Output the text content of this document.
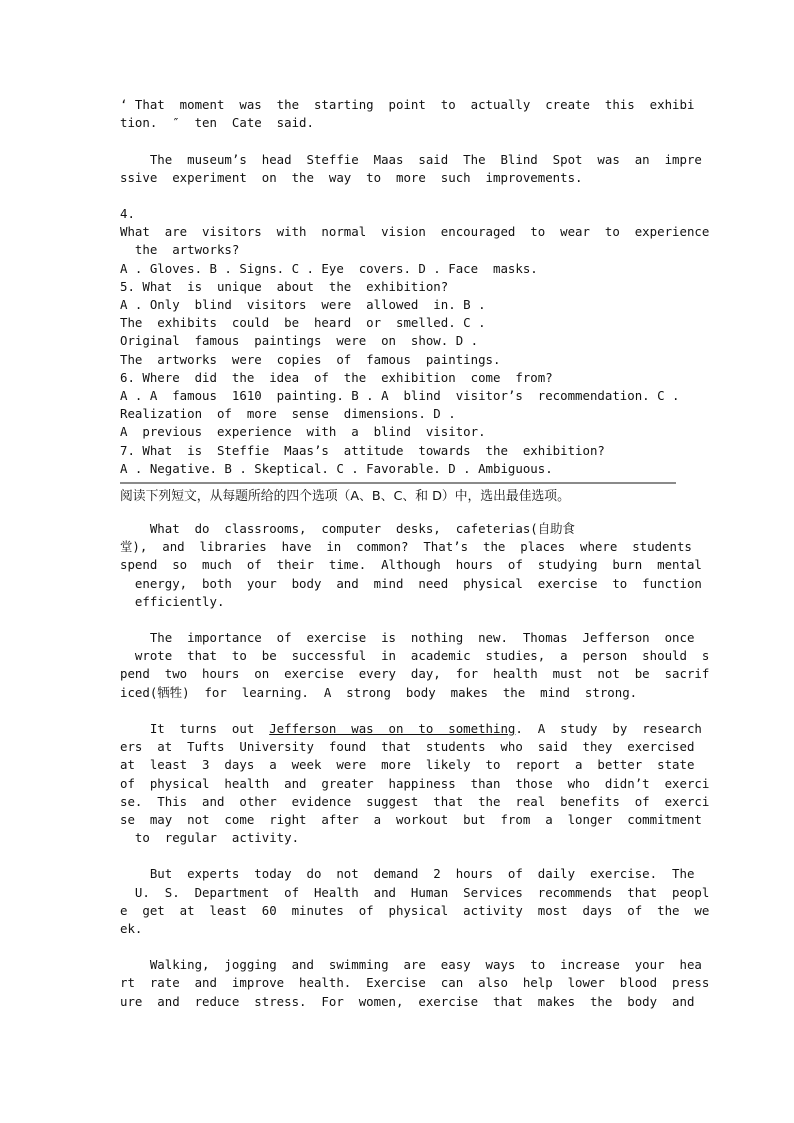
‘ That  moment  was  the  starting  point  to  actually  create  this  exhibi
tion.  ″  ten  Cate  said.

The  museum’s  head  Steffie  Maas  said  The  Blind  Spot  was  an  impre
ssive  experiment  on  the  way  to  more  such  improvements.
4.
What  are  visitors  with  normal  vision  encouraged  to  wear  to  experience
the  artworks?
A . Gloves. B . Signs. C . Eye  covers. D . Face  masks.
5. What  is  unique  about  the  exhibition?
A . Only  blind  visitors  were  allowed  in. B .
The  exhibits  could  be  heard  or  smelled. C .
Original  famous  paintings  were  on  show. D .
The  artworks  were  copies  of  famous  paintings.
6. Where  did  the  idea  of  the  exhibition  come  from?
A . A  famous  1610  painting. B . A  blind  visitor’s  recommendation. C .
Realization  of  more  sense  dimensions. D .
A  previous  experience  with  a  blind  visitor.
7. What  is  Steffie  Maas’s  attitude  towards  the  exhibition?
A . Negative. B . Skeptical. C . Favorable. D . Ambiguous.
阅读下列短文，从每题所给的四个选项（A、B、C、和 D）中，选出最佳选项。
What  do  classrooms,  computer  desks,  cafeterias(自助食
堂),  and  libraries  have  in  common?  That’s  the  places  where  students
spend  so  much  of  their  time.  Although  hours  of  studying  burn  mental
energy,  both  your  body  and  mind  need  physical  exercise  to  function
efficiently.
The  importance  of  exercise  is  nothing  new.  Thomas  Jefferson  once
wrote  that  to  be  successful  in  academic  studies,  a  person  should  s
pend  two  hours  on  exercise  every  day,  for  health  must  not  be  sacrif
iced(牺牲)  for  learning.  A  strong  body  makes  the  mind  strong.
It  turns  out  Jefferson  was  on  to  something.  A  study  by  research
ers  at  Tufts  University  found  that  students  who  said  they  exercised
at  least  3  days  a  week  were  more  likely  to  report  a  better  state
of  physical  health  and  greater  happiness  than  those  who  didn’t  exerci
se.  This  and  other  evidence  suggest  that  the  real  benefits  of  exerci
se  may  not  come  right  after  a  workout  but  from  a  longer  commitment
to  regular  activity.
But  experts  today  do  not  demand  2  hours  of  daily  exercise.  The
U.  S.  Department  of  Health  and  Human  Services  recommends  that  peopl
e  get  at  least  60  minutes  of  physical  activity  most  days  of  the  we
ek.
Walking,  jogging  and  swimming  are  easy  ways  to  increase  your  hea
rt  rate  and  improve  health.  Exercise  can  also  help  lower  blood  press
ure  and  reduce  stress.  For  women,  exercise  that  makes  the  body  and
